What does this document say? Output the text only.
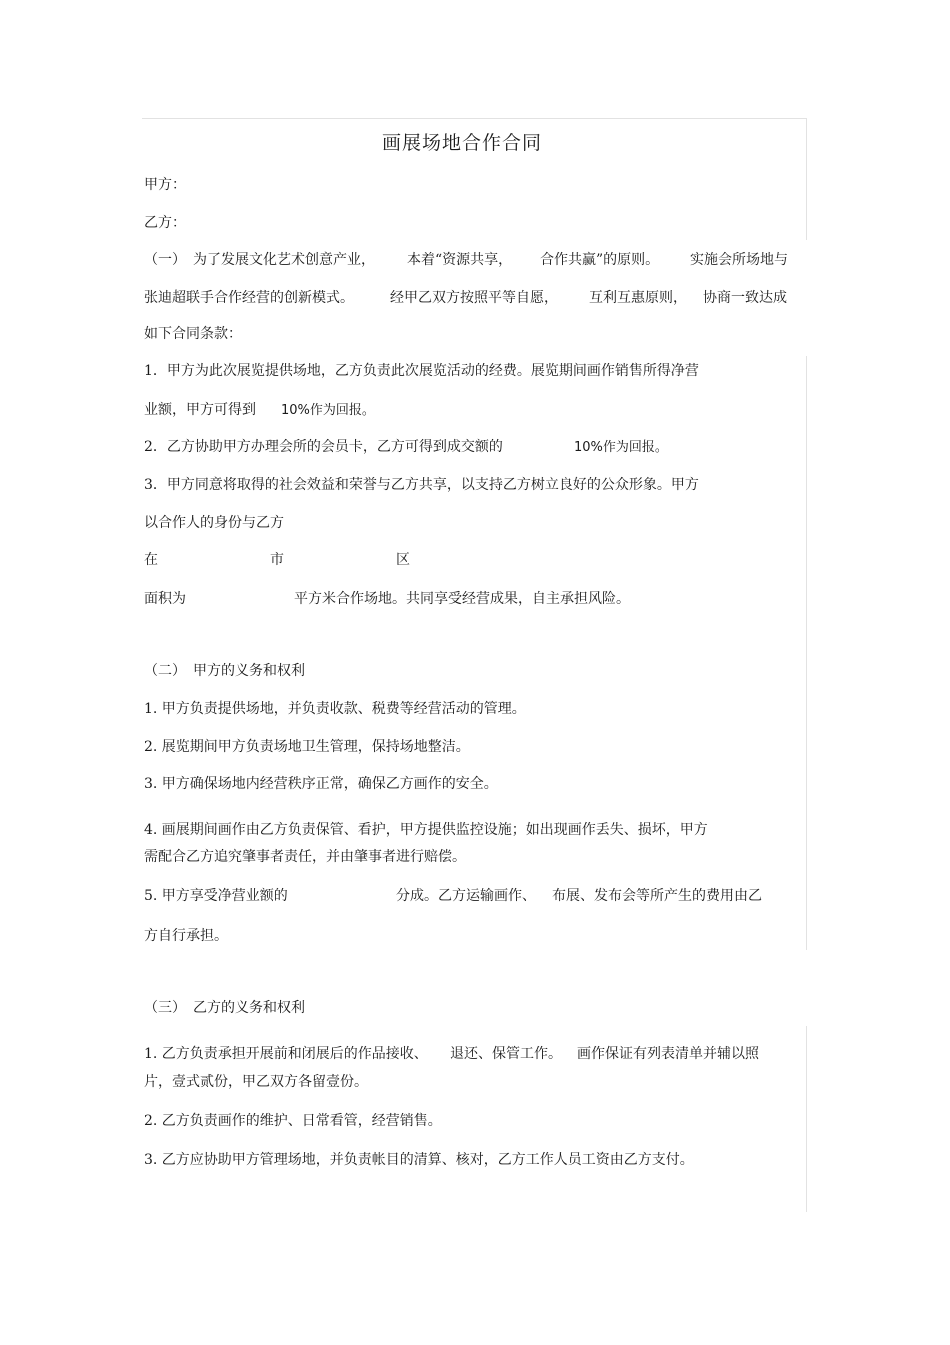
画展场地合作合同
甲方：
乙方：
（一） 为了发展文化艺术创意产业， 本着“资源共享， 合作共赢”的原则。 实施会所场地与
张迪超联手合作经营的创新模式。	经甲乙双方按照平等自愿， 互利互惠原则， 协商一致达成
如下合同条款：
1．甲方为此次展览提供场地，乙方负责此次展览活动的经费。展览期间画作销售所得净营
业额，甲方可得到 10%作为回报。
2．乙方协助甲方办理会所的会员卡，乙方可得到成交额的	10%作为回报。
3．甲方同意将取得的社会效益和荣誉与乙方共享，以支持乙方树立良好的公众形象。甲方
以合作人的身份与乙方
在	市	区
面积为	平方米合作场地。共同享受经营成果，自主承担风险。
（二） 甲方的义务和权利
1. 甲方负责提供场地，并负责收款、税费等经营活动的管理。
2. 展览期间甲方负责场地卫生管理，保持场地整洁。
3. 甲方确保场地内经营秩序正常，确保乙方画作的安全。
4. 画展期间画作由乙方负责保管、看护，甲方提供监控设施；如出现画作丢失、损坏，甲方
需配合乙方追究肇事者责任，并由肇事者进行赔偿。
5. 甲方享受净营业额的	分成。乙方运输画作、 布展、发布会等所产生的费用由乙
方自行承担。
（三） 乙方的义务和权利
1. 乙方负责承担开展前和闭展后的作品接收、 退还、保管工作。 画作保证有列表清单并辅以照
片，壹式贰份，甲乙双方各留壹份。
2. 乙方负责画作的维护、日常看管，经营销售。
3. 乙方应协助甲方管理场地，并负责帐目的清算、核对，乙方工作人员工资由乙方支付。
